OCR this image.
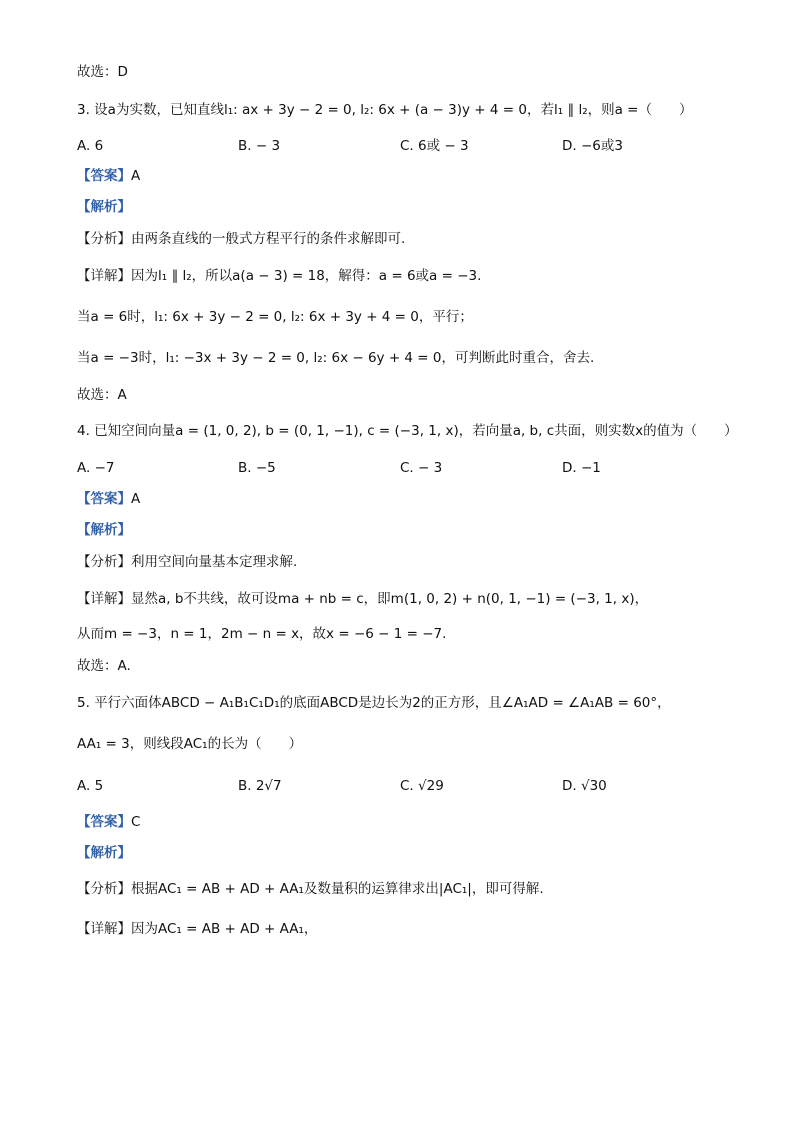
故选：D
3. 设a为实数，已知直线l₁: ax + 3y − 2 = 0, l₂: 6x + (a − 3)y + 4 = 0，若l₁ ∥ l₂，则a =（　　）
A. 6	B. − 3	C. 6或 − 3	D. −6或3
【答案】A
【解析】
【分析】由两条直线的一般式方程平行的条件求解即可.
【详解】因为l₁ ∥ l₂，所以a(a − 3) = 18，解得：a = 6或a = −3.
当a = 6时，l₁: 6x + 3y − 2 = 0, l₂: 6x + 3y + 4 = 0，平行；
当a = −3时，l₁: −3x + 3y − 2 = 0, l₂: 6x − 6y + 4 = 0，可判断此时重合，舍去.
故选：A
4. 已知空间向量a = (1, 0, 2), b = (0, 1, −1), c = (−3, 1, x)，若向量a, b, c共面，则实数x的值为（　　）
A. −7	B. −5	C. − 3	D. −1
【答案】A
【解析】
【分析】利用空间向量基本定理求解.
【详解】显然a, b不共线，故可设ma + nb = c，即m(1, 0, 2) + n(0, 1, −1) = (−3, 1, x)，
从而m = −3，n = 1，2m − n = x，故x = −6 − 1 = −7.
故选：A.
5. 平行六面体ABCD − A₁B₁C₁D₁的底面ABCD是边长为2的正方形，且∠A₁AD = ∠A₁AB = 60°，
AA₁ = 3，则线段AC₁的长为（　　）
A. 5	B. 2√7	C. √29	D. √30
【答案】C
【解析】
【分析】根据AC₁ = AB + AD + AA₁及数量积的运算律求出|AC₁|，即可得解.
【详解】因为AC₁ = AB + AD + AA₁，
